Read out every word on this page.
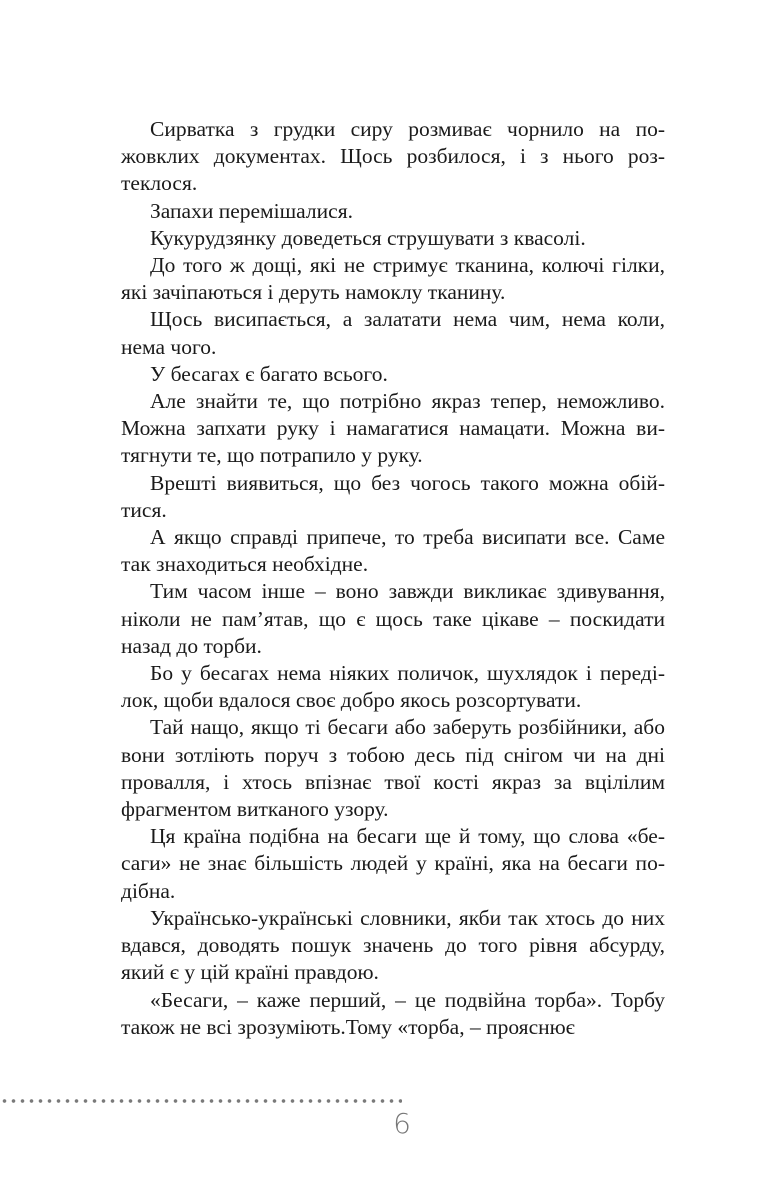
Сирватка з грудки сиру розмиває чорнило на пожовклих документах. Щось розбилося, і з нього розтеклося.

Запахи перемішалися.

Кукурудзянку доведеться струшувати з квасолі.

До того ж дощі, які не стримує тканина, колючі гілки, які зачіпаються і деруть намоклу тканину.

Щось висипається, а залатати нема чим, нема коли, нема чого.

У бесагах є багато всього.

Але знайти те, що потрібно якраз тепер, неможливо. Можна запхати руку і намагатися намацати. Можна витягнути те, що потрапило у руку.

Врешті виявиться, що без чогось такого можна обійтися.

А якщо справді припече, то треба висипати все. Саме так знаходиться необхідне.

Тим часом інше – воно завжди викликає здивування, ніколи не пам’ятав, що є щось таке цікаве – поскидати назад до торби.

Бо у бесагах нема ніяких поличок, шухлядок і переділок, щоби вдалося своє добро якось розсортувати.

Тай нащо, якщо ті бесаги або заберуть розбійники, або вони зотліють поруч з тобою десь під снігом чи на дні провалля, і хтось впізнає твої кості якраз за вцілілим фрагментом витканого узору.

Ця країна подібна на бесаги ще й тому, що слова «бесаги» не знає більшість людей у країні, яка на бесаги подібна.

Українсько-українські словники, якби так хтось до них вдався, доводять пошук значень до того рівня абсурду, який є у цій країні правдою.

«Бесаги, – каже перший, – це подвійна торба». Торбу також не всі зрозуміють.Тому «торба, – прояснює

6
